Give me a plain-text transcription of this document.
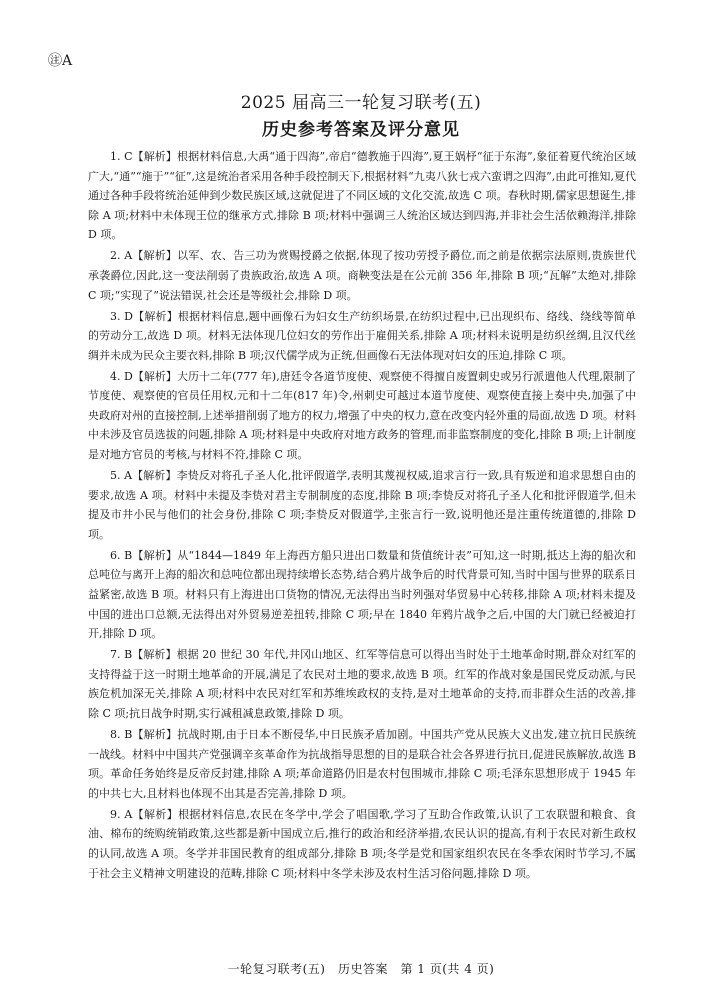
㊟A
2025 届高三一轮复习联考(五)
历史参考答案及评分意见

1. C【解析】根据材料信息,大禹“通于四海”,帝启“德教施于四海”,夏王娲杼“征于东海”,象征着夏代统治区域广大,“通”“施于”“征”,这是统治者采用各种手段控制天下,根据材料“九夷八狄七戎六蛮谓之四海”,由此可推知,夏代通过各种手段将统治延伸到少数民族区域,这就促进了不同区域的文化交流,故选 C 项。春秋时期,儒家思想诞生,排除 A 项;材料中未体现王位的继承方式,排除 B 项;材料中强调三人统治区域达到四海,并非社会生活依赖海洋,排除 D 项。

2. A【解析】以军、农、告三功为赏赐授爵之依据,体现了按功劳授予爵位,而之前是依据宗法原则,贵族世代承袭爵位,因此,这一变法削弱了贵族政治,故选 A 项。商鞅变法是在公元前 356 年,排除 B 项;“瓦解”太绝对,排除 C 项;“实现了”说法错误,社会还是等级社会,排除 D 项。

3. D【解析】根据材料信息,题中画像石为妇女生产纺织场景,在纺织过程中,已出现织布、络线、绕线等简单的劳动分工,故选 D 项。材料无法体现几位妇女的劳作出于雇佣关系,排除 A 项;材料未说明是纺织丝绸,且汉代丝绸并未成为民众主要衣料,排除 B 项;汉代儒学成为正统,但画像石无法体现对妇女的压迫,排除 C 项。

4. D【解析】大历十二年(777 年),唐廷令各道节度使、观察使不得擅自废置刺史或另行派遣他人代理,限制了节度使、观察使的官员任用权,元和十二年(817 年)令,州刺史可越过本道节度使、观察使直接上奏中央,加强了中央政府对州的直接控制,上述举措削弱了地方的权力,增强了中央的权力,意在改变内轻外重的局面,故选 D 项。材料中未涉及官员选拔的问题,排除 A 项;材料是中央政府对地方政务的管理,而非监察制度的变化,排除 B 项;上计制度是对地方官员的考核,与材料不符,排除 C 项。

5. A【解析】李贽反对将孔子圣人化,批评假道学,表明其蔑视权威,追求言行一致,具有叛逆和追求思想自由的要求,故选 A 项。材料中未提及李贽对君主专制制度的态度,排除 B 项;李贽反对将孔子圣人化和批评假道学,但未提及市井小民与他们的社会身份,排除 C 项;李贽反对假道学,主张言行一致,说明他还是注重传统道德的,排除 D 项。

6. B【解析】从“1844—1849 年上海西方船只进出口数量和货值统计表”可知,这一时期,抵达上海的船次和总吨位与离开上海的船次和总吨位都出现持续增长态势,结合鸦片战争后的时代背景可知,当时中国与世界的联系日益紧密,故选 B 项。材料只有上海进出口货物的情况,无法得出当时列强对华贸易中心转移,排除 A 项;材料未提及中国的进出口总额,无法得出对外贸易逆差扭转,排除 C 项;早在 1840 年鸦片战争之后,中国的大门就已经被迫打开,排除 D 项。

7. B【解析】根据 20 世纪 30 年代,井冈山地区、红军等信息可以得出当时处于土地革命时期,群众对红军的支持得益于这一时期土地革命的开展,满足了农民对土地的要求,故选 B 项。红军的作战对象是国民党反动派,与民族危机加深无关,排除 A 项;材料中农民对红军和苏维埃政权的支持,是对土地革命的支持,而非群众生活的改善,排除 C 项;抗日战争时期,实行减租减息政策,排除 D 项。

8. B【解析】抗战时期,由于日本不断侵华,中日民族矛盾加剧。中国共产党从民族大义出发,建立抗日民族统一战线。材料中中国共产党强调辛亥革命作为抗战指导思想的目的是联合社会各界进行抗日,促进民族解放,故选 B 项。革命任务始终是反帝反封建,排除 A 项;革命道路仍旧是农村包围城市,排除 C 项;毛泽东思想形成于 1945 年的中共七大,且材料也体现不出其是否完善,排除 D 项。

9. A【解析】根据材料信息,农民在冬学中,学会了唱国歌,学习了互助合作政策,认识了工农联盟和粮食、食油、棉布的统购统销政策,这些都是新中国成立后,推行的政治和经济举措,农民认识的提高,有利于农民对新生政权的认同,故选 A 项。冬学并非国民教育的组成部分,排除 B 项;冬学是党和国家组织农民在冬季农闲时节学习,不属于社会主义精神文明建设的范畴,排除 C 项;材料中冬学未涉及农村生活习俗问题,排除 D 项。

一轮复习联考(五)　历史答案　第 1 页(共 4 页)
